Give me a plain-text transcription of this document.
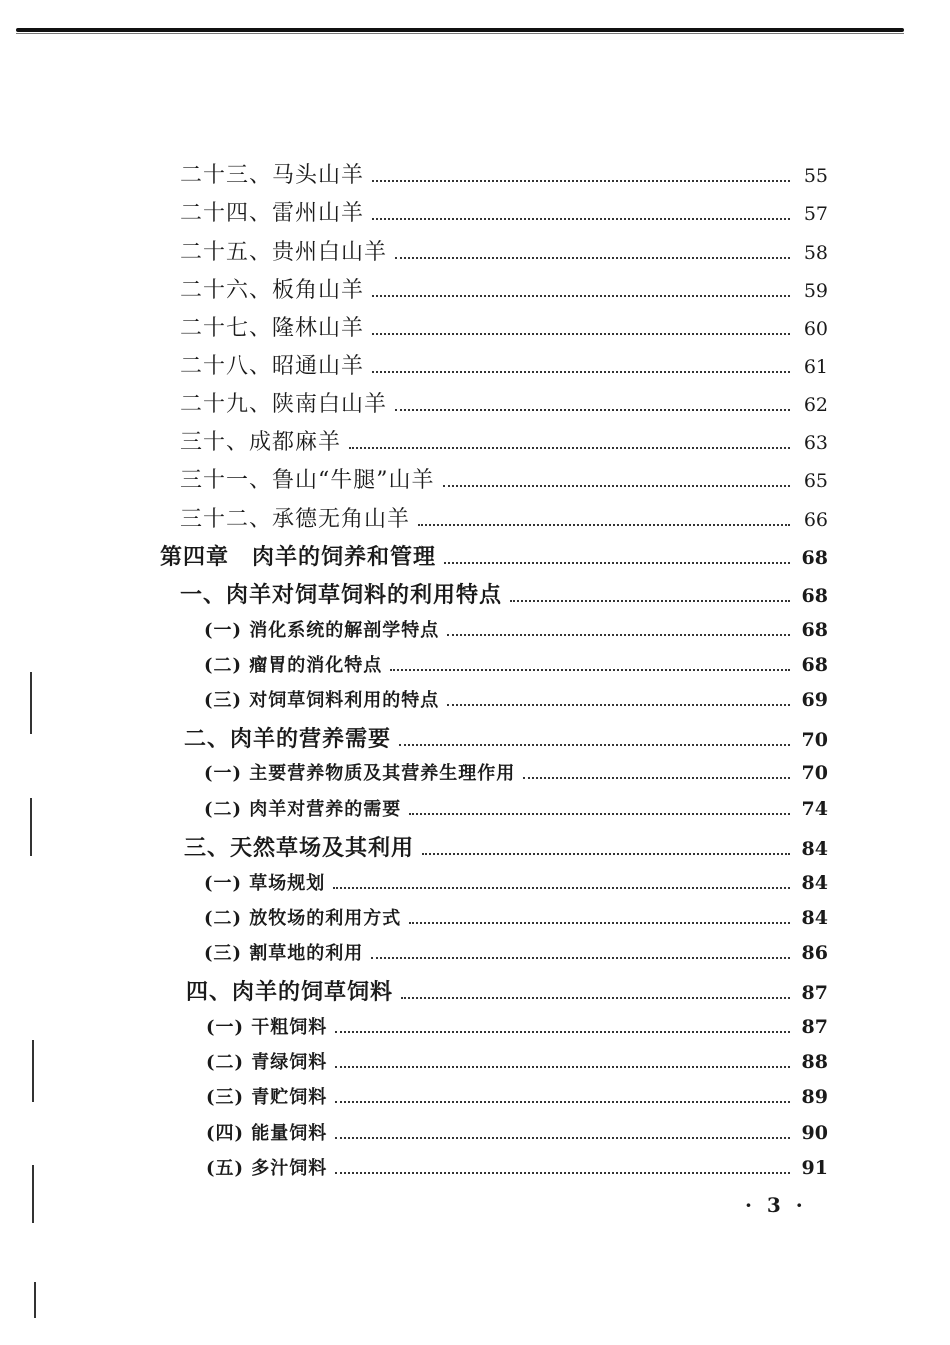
二十三、马头山羊	55
二十四、雷州山羊	57
二十五、贵州白山羊	58
二十六、板角山羊	59
二十七、隆林山羊	60
二十八、昭通山羊	61
二十九、陕南白山羊	62
三十、成都麻羊	63
三十一、鲁山“牛腿”山羊	65
三十二、承德无角山羊	66
第四章　肉羊的饲养和管理	68
一、肉羊对饲草饲料的利用特点	68
(一) 消化系统的解剖学特点	68
(二) 瘤胃的消化特点	68
(三) 对饲草饲料利用的特点	69
二、肉羊的营养需要	70
(一) 主要营养物质及其营养生理作用	70
(二) 肉羊对营养的需要	74
三、天然草场及其利用	84
(一) 草场规划	84
(二) 放牧场的利用方式	84
(三) 割草地的利用	86
四、肉羊的饲草饲料	87
(一) 干粗饲料	87
(二) 青绿饲料	88
(三) 青贮饲料	89
(四) 能量饲料	90
(五) 多汁饲料	91
· 3 ·
